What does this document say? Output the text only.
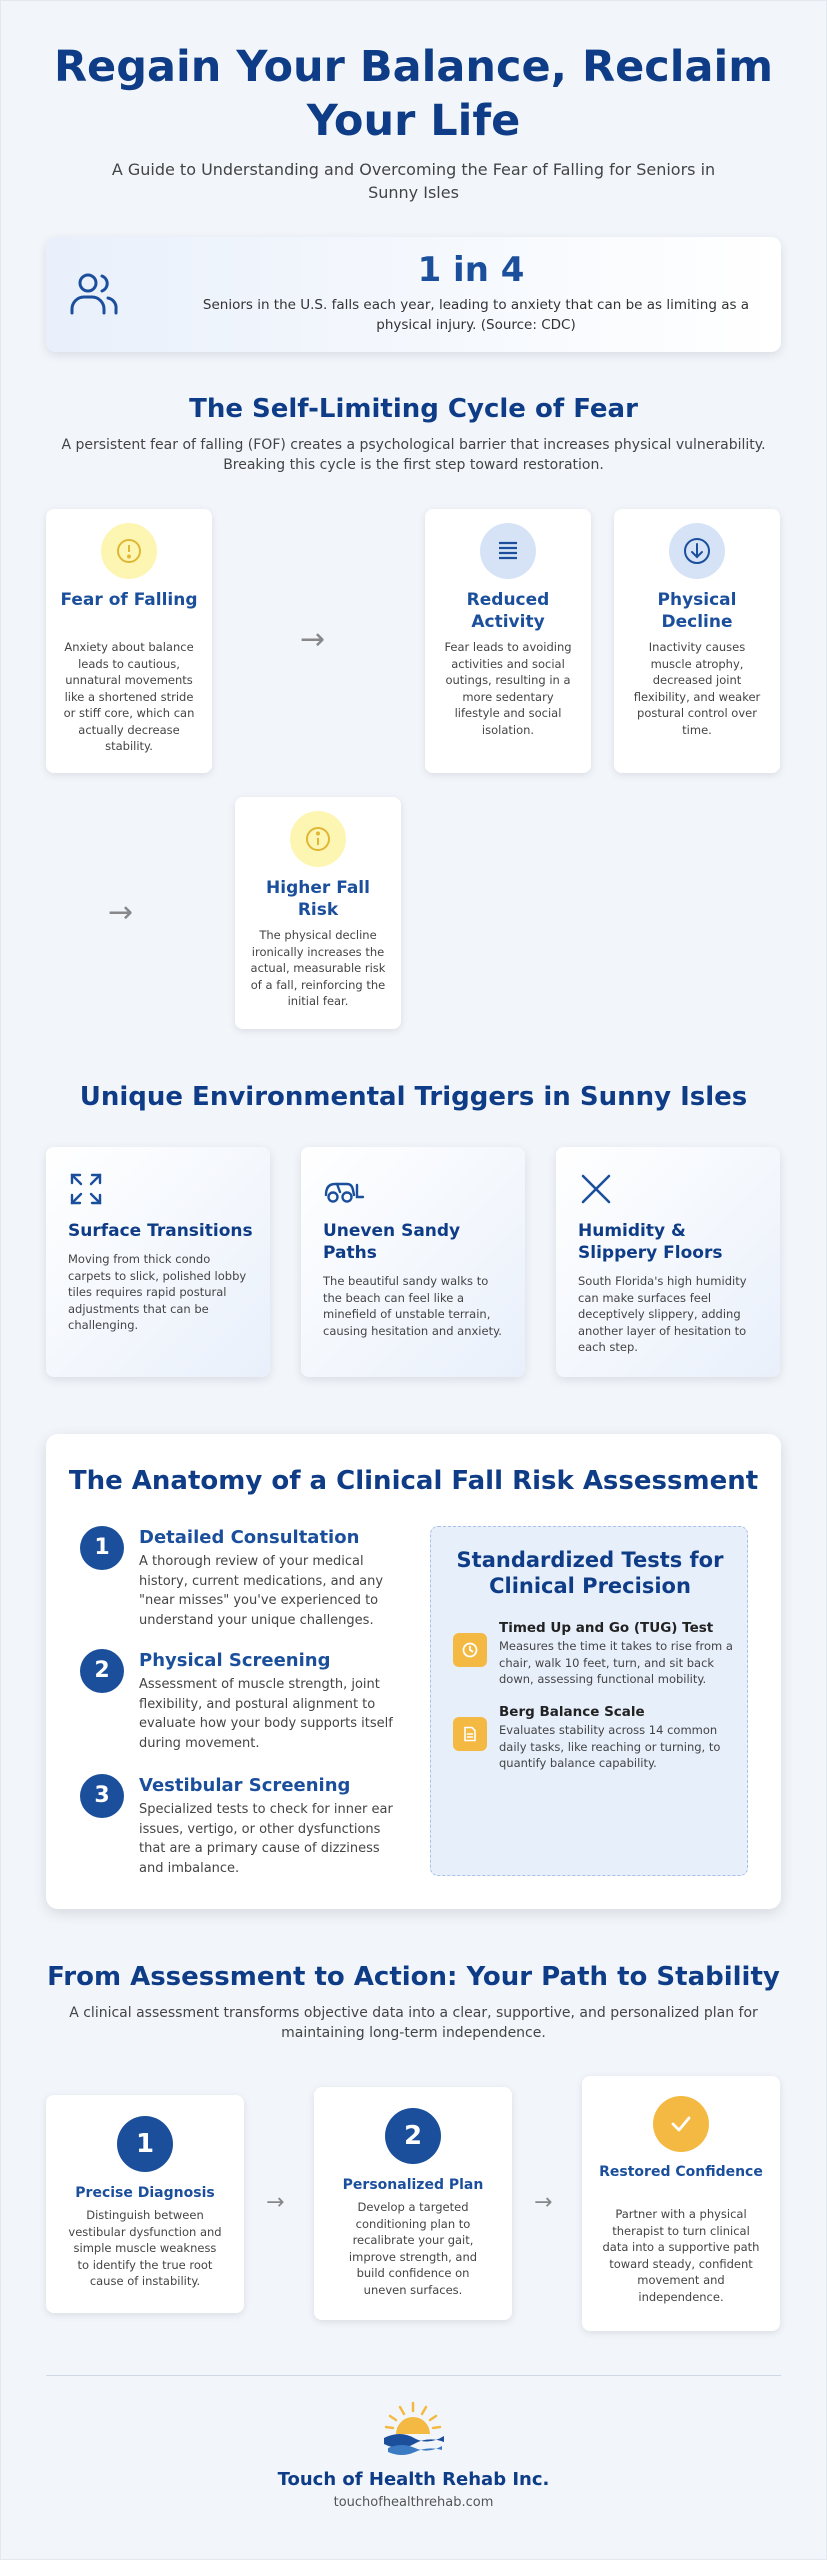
Regain Your Balance, Reclaim Your Life

A Guide to Understanding and Overcoming the Fear of Falling for Seniors in Sunny Isles

1 in 4
Seniors in the U.S. falls each year, leading to anxiety that can be as limiting as a physical injury. (Source: CDC)
The Self-Limiting Cycle of Fear

A persistent fear of falling (FOF) creates a psychological barrier that increases physical vulnerability. Breaking this cycle is the first step toward restoration.

Fear of Falling
Anxiety about balance leads to cautious, unnatural movements like a shortened stride or stiff core, which can actually decrease stability.
→
Reduced Activity
Fear leads to avoiding activities and social outings, resulting in a more sedentary lifestyle and social isolation.
Physical Decline
Inactivity causes muscle atrophy, decreased joint flexibility, and weaker postural control over time.
→
Higher Fall Risk
The physical decline ironically increases the actual, measurable risk of a fall, reinforcing the initial fear.
Unique Environmental Triggers in Sunny Isles
Surface Transitions
Moving from thick condo carpets to slick, polished lobby tiles requires rapid postural adjustments that can be challenging.
Uneven Sandy Paths
The beautiful sandy walks to the beach can feel like a minefield of unstable terrain, causing hesitation and anxiety.
Humidity & Slippery Floors
South Florida's high humidity can make surfaces feel deceptively slippery, adding another layer of hesitation to each step.
The Anatomy of a Clinical Fall Risk Assessment
1	Detailed Consultation
A thorough review of your medical history, current medications, and any "near misses" you've experienced to understand your unique challenges.
2	Physical Screening
Assessment of muscle strength, joint flexibility, and postural alignment to evaluate how your body supports itself during movement.
3	Vestibular Screening
Specialized tests to check for inner ear issues, vertigo, or other dysfunctions that are a primary cause of dizziness and imbalance.
Standardized Tests for Clinical Precision
Timed Up and Go (TUG) Test
Measures the time it takes to rise from a chair, walk 10 feet, turn, and sit back down, assessing functional mobility.
Berg Balance Scale
Evaluates stability across 14 common daily tasks, like reaching or turning, to quantify balance capability.
From Assessment to Action: Your Path to Stability

A clinical assessment transforms objective data into a clear, supportive, and personalized plan for maintaining long-term independence.

1
Precise Diagnosis
Distinguish between vestibular dysfunction and simple muscle weakness to identify the true root cause of instability.
→
2
Personalized Plan
Develop a targeted conditioning plan to recalibrate your gait, improve strength, and build confidence on uneven surfaces.
→
Restored Confidence
Partner with a physical therapist to turn clinical data into a supportive path toward steady, confident movement and independence.
Touch of Health Rehab Inc.
touchofhealthrehab.com
